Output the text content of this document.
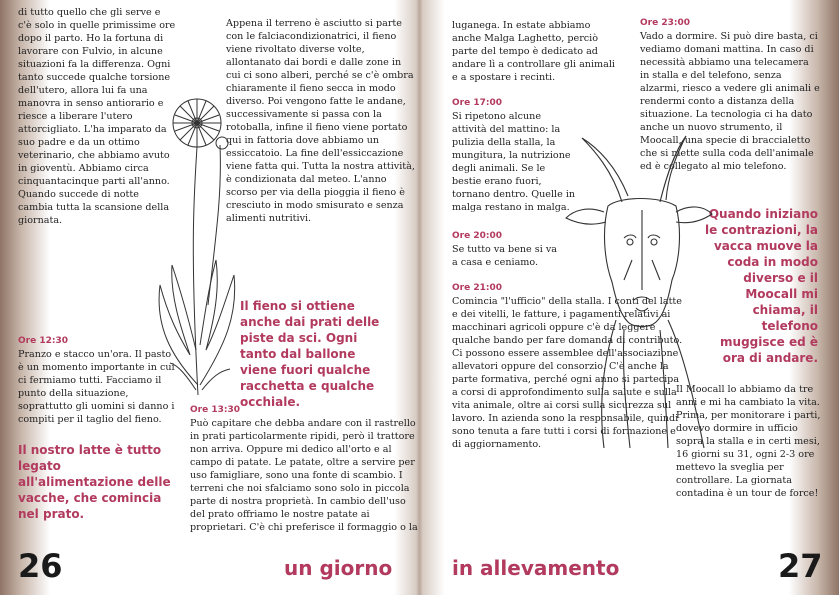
di tutto quello che gli serve e c'è solo in quelle primissime ore dopo il parto. Ho la fortuna di lavorare con Fulvio, in alcune situazioni fa la differenza. Ogni tanto succede qualche torsione dell'utero, allora lui fa una manovra in senso antiorario e riesce a liberare l'utero attorcigliato. L'ha imparato da suo padre e da un ottimo veterinario, che abbiamo avuto in gioventù. Abbiamo circa cinquantacinque parti all'anno. Quando succede di notte cambia tutta la scansione della giornata.

Ore 12:30

Pranzo e stacco un'ora. Il pasto è un momento importante in cui ci fermiamo tutti. Facciamo il punto della situazione, soprattutto gli uomini si danno i compiti per il taglio del fieno.

Il nostro latte è tutto legato all'alimentazione delle vacche, che comincia nel prato.

Appena il terreno è asciutto si parte con le falciacondizionatrici, il fieno viene rivoltato diverse volte, allontanato dai bordi e dalle zone in cui ci sono alberi, perché se c'è ombra chiaramente il fieno secca in modo diverso. Poi vengono fatte le andane, successivamente si passa con la rotoballa, infine il fieno viene portato qui in fattoria dove abbiamo un essiccatoio. La fine dell'essiccazione viene fatta qui. Tutta la nostra attività, è condizionata dal meteo. L'anno scorso per via della pioggia il fieno è cresciuto in modo smisurato e senza alimenti nutritivi.

Il fieno si ottiene anche dai prati delle piste da sci. Ogni tanto dal ballone viene fuori qualche racchetta e qualche occhiale.

Ore 13:30

Può capitare che debba andare con il rastrello in prati particolarmente ripidi, però il trattore non arriva. Oppure mi dedico all'orto e al campo di patate. Le patate, oltre a servire per uso famigliare, sono una fonte di scambio. I terreni che noi sfalciamo sono solo in piccola parte di nostra proprietà. In cambio dell'uso del prato offriamo le nostre patate ai proprietari. C'è chi preferisce il formaggio o la

26	un giorno

luganega. In estate abbiamo anche Malga Laghetto, perciò parte del tempo è dedicato ad andare lì a controllare gli animali e a spostare i recinti.

Ore 17:00

Si ripetono alcune attività del mattino: la pulizia della stalla, la mungitura, la nutrizione degli animali. Se le bestie erano fuori, tornano dentro. Quelle in malga restano in malga.

Ore 20:00

Se tutto va bene si va a casa e ceniamo.

Ore 21:00

Comincia "l'ufficio" della stalla. I conti del latte e dei vitelli, le fatture, i pagamenti relativi ai macchinari agricoli oppure c'è da leggere qualche bando per fare domanda di contributo. Ci possono essere assemblee dell'associazione allevatori oppure del consorzio. C'è anche la parte formativa, perché ogni anno si partecipa a corsi di approfondimento sulla salute e sulla vita animale, oltre ai corsi sulla sicurezza sul lavoro. In azienda sono la responsabile, quindi sono tenuta a fare tutti i corsi di formazione e di aggiornamento.

Ore 23:00

Vado a dormire. Si può dire basta, ci vediamo domani mattina. In caso di necessità abbiamo una telecamera in stalla e del telefono, senza alzarmi, riesco a vedere gli animali e rendermi conto a distanza della situazione. La tecnologia ci ha dato anche un nuovo strumento, il Moocall, una specie di braccialetto che si mette sulla coda dell'animale ed è collegato al mio telefono.

Quando iniziano le contrazioni, la vacca muove la coda in modo diverso e il Moocall mi chiama, il telefono muggisce ed è ora di andare.

Il Moocall lo abbiamo da tre anni e mi ha cambiato la vita. Prima, per monitorare i parti, dovevo dormire in ufficio sopra la stalla e in certi mesi, 16 giorni su 31, ogni 2-3 ore mettevo la sveglia per controllare. La giornata contadina è un tour de force!

in allevamento	27
